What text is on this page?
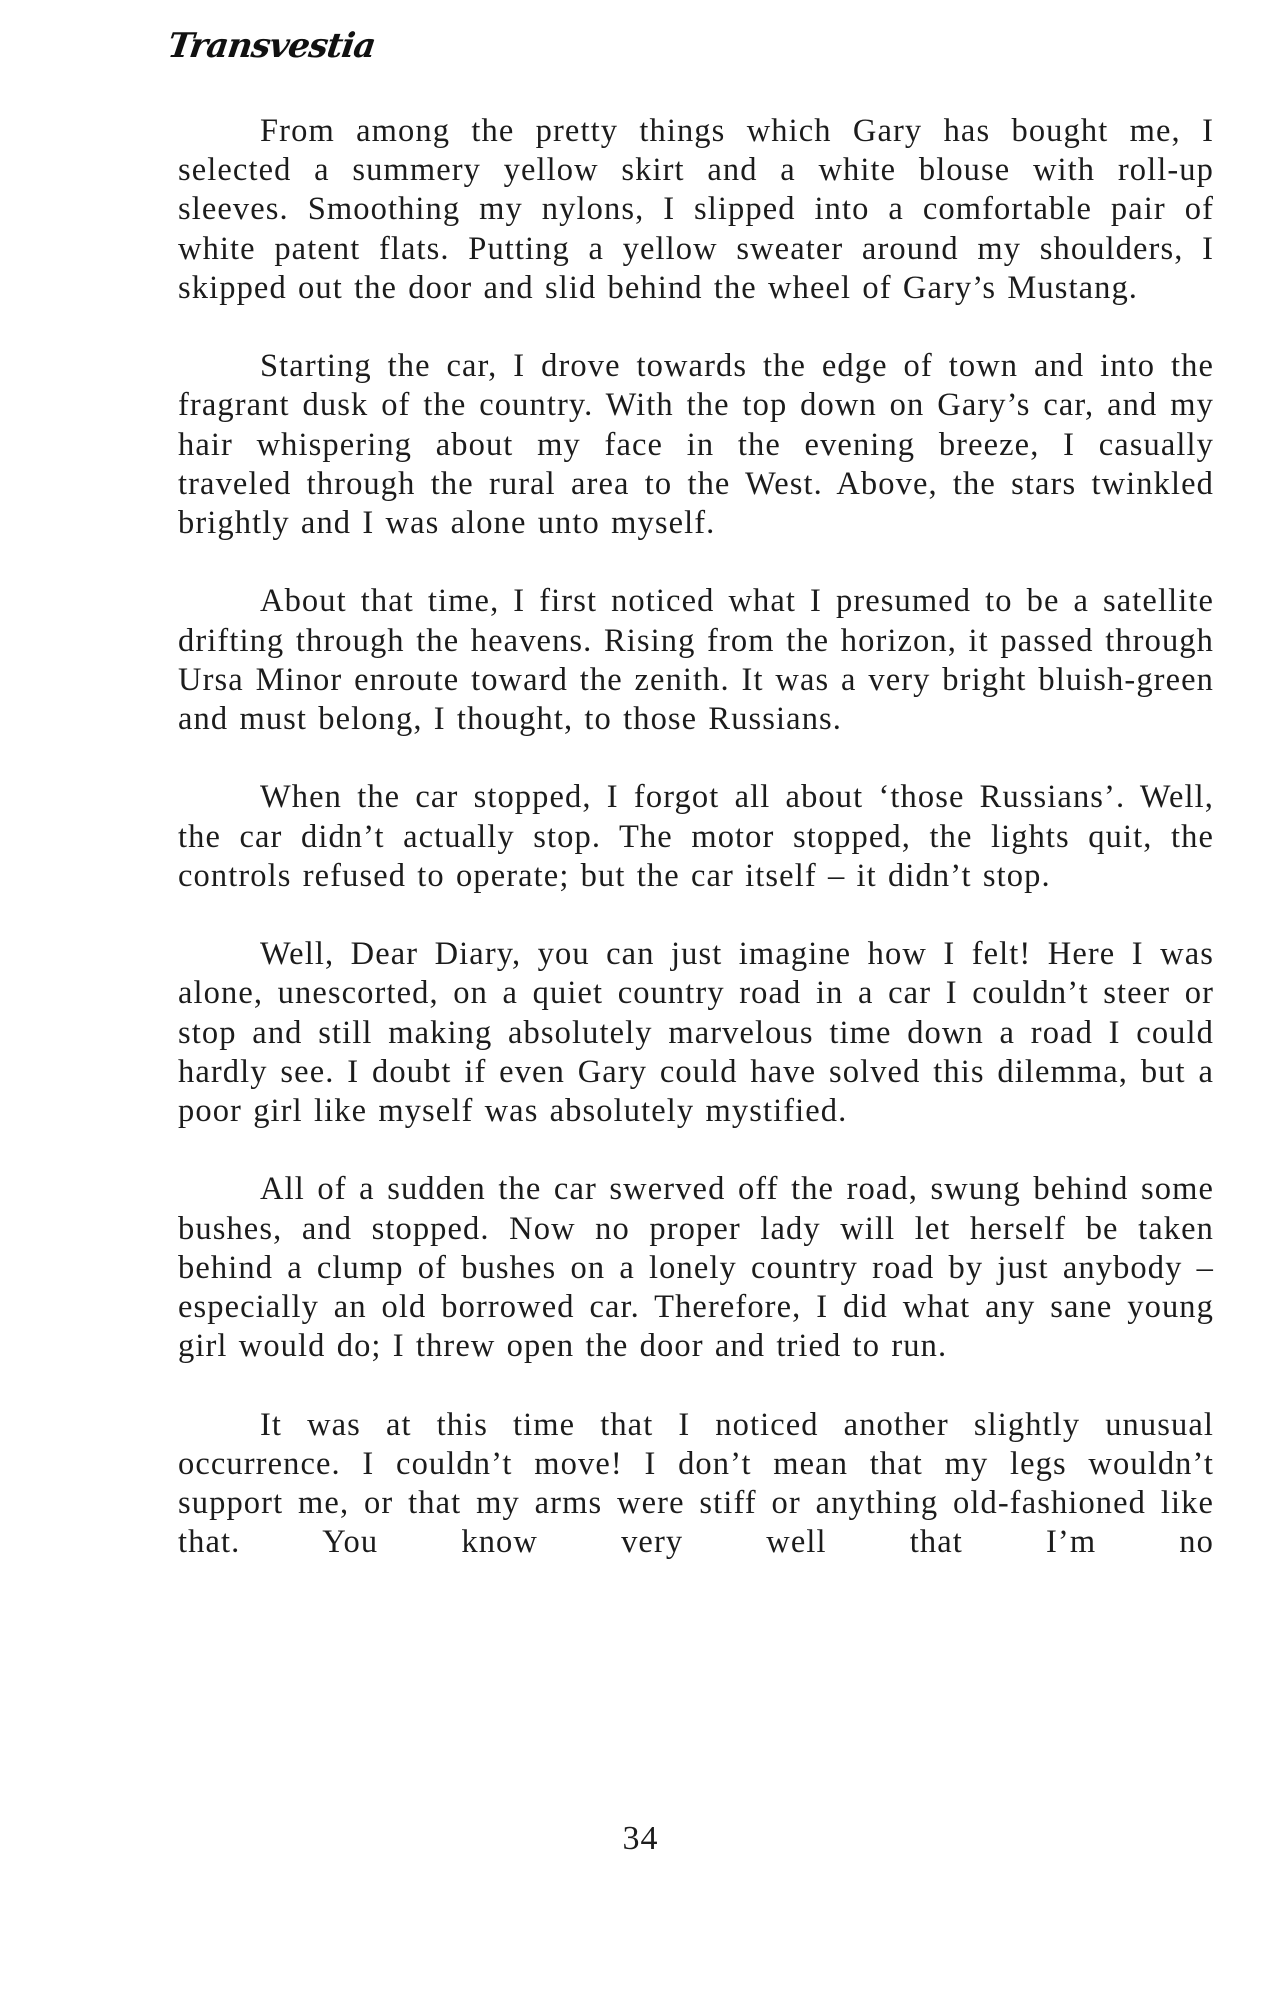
Transvestia

From among the pretty things which Gary has bought me, I selected a summery yellow skirt and a white blouse with roll-up sleeves. Smoothing my nylons, I slipped into a comfortable pair of white patent flats. Putting a yellow sweater around my shoulders, I skipped out the door and slid behind the wheel of Gary’s Mustang.

Starting the car, I drove towards the edge of town and into the fragrant dusk of the country. With the top down on Gary’s car, and my hair whispering about my face in the evening breeze, I casually traveled through the rural area to the West. Above, the stars twinkled brightly and I was alone unto myself.

About that time, I first noticed what I presumed to be a satellite drifting through the heavens. Rising from the horizon, it passed through Ursa Minor enroute toward the zenith. It was a very bright bluish-green and must belong, I thought, to those Russians.

When the car stopped, I forgot all about ‘those Russians’. Well, the car didn’t actually stop. The motor stopped, the lights quit, the controls refused to operate; but the car itself – it didn’t stop.

Well, Dear Diary, you can just imagine how I felt! Here I was alone, unescorted, on a quiet country road in a car I couldn’t steer or stop and still making absolutely marvelous time down a road I could hardly see. I doubt if even Gary could have solved this dilemma, but a poor girl like myself was absolutely mystified.

All of a sudden the car swerved off the road, swung behind some bushes, and stopped. Now no proper lady will let herself be taken behind a clump of bushes on a lonely country road by just anybody – especially an old borrowed car. Therefore, I did what any sane young girl would do; I threw open the door and tried to run.

It was at this time that I noticed another slightly unusual occurrence. I couldn’t move! I don’t mean that my legs wouldn’t support me, or that my arms were stiff or anything old-fashioned like that. You know very well that I’m no

34
